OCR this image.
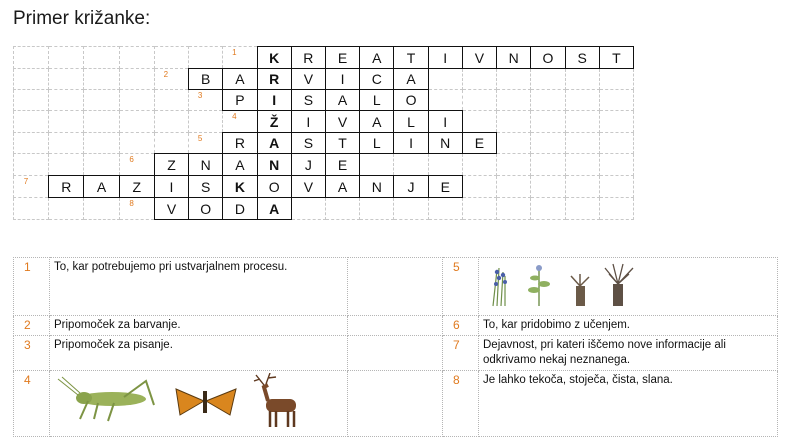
Primer križanke:

						1	K	R	E	A	T	I	V	N	O	S	T

				2	B	A	R	V	I	C	A						

					3	P	I	S	A	L	O						

						4	Ž	I	V	A	L	I					

					5	R	A	S	T	L	I	N	E				

			6	Z	N	A	N	J	E								

7	R	A	Z	I	S	K	O	V	A	N	J	E					

			8	V	O	D	A										
1	To, kar potrebujemo pri ustvarjalnem procesu.		5	
2	Pripomoček za barvanje.		6	To, kar pridobimo z učenjem.
3	Pripomoček za pisanje.		7	Dejavnost, pri kateri iščemo nove informacije ali odkrivamo nekaj neznanega.
4			8	Je lahko tekoča, stoječa, čista, slana.
